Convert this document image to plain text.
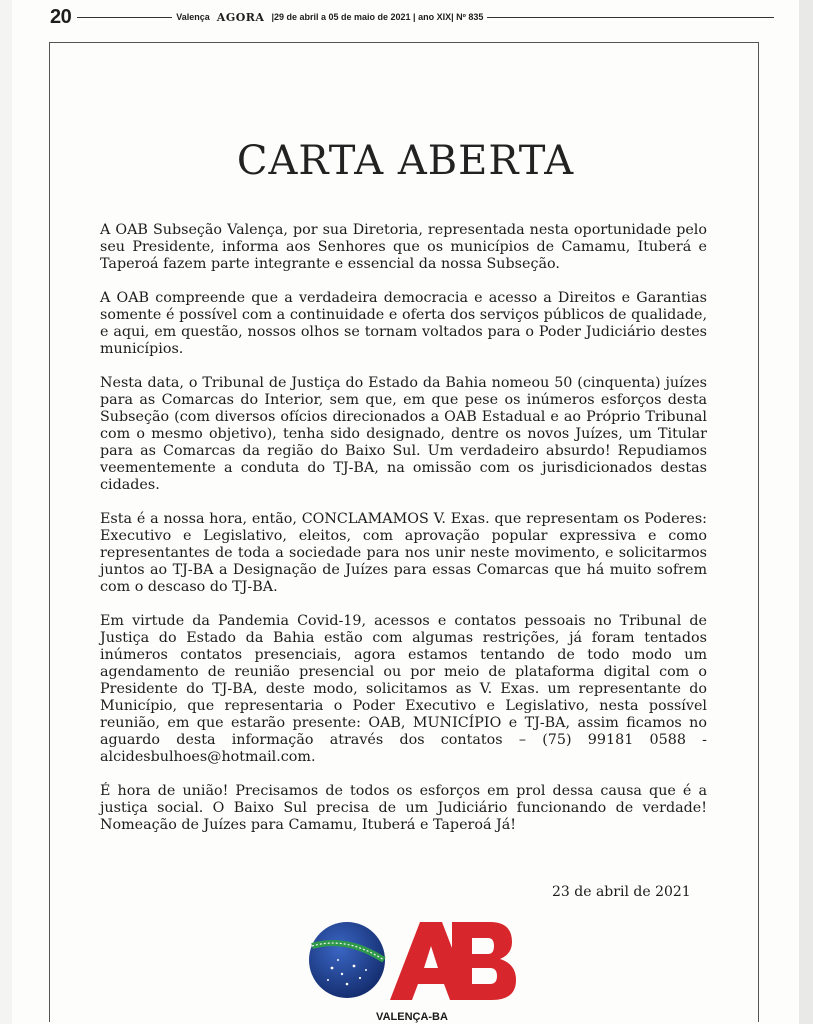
20	Valença AGORA |29 de abril a 05 de maio de 2021 | ano XIX| Nº 835
CARTA ABERTA

A OAB Subseção Valença, por sua Diretoria, representada nesta oportunidade pelo seu Presidente, informa aos Senhores que os municípios de Camamu, Ituberá e Taperoá fazem parte integrante e essencial da nossa Subseção.

A OAB compreende que a verdadeira democracia e acesso a Direitos e Garantias somente é possível com a continuidade e oferta dos serviços públicos de qualidade, e aqui, em questão, nossos olhos se tornam voltados para o Poder Judiciário destes municípios.

Nesta data, o Tribunal de Justiça do Estado da Bahia nomeou 50 (cinquenta) juízes para as Comarcas do Interior, sem que, em que pese os inúmeros esforços desta Subseção (com diversos ofícios direcionados a OAB Estadual e ao Próprio Tribunal com o mesmo objetivo), tenha sido designado, dentre os novos Juízes, um Titular para as Comarcas da região do Baixo Sul. Um verdadeiro absurdo! Repudiamos veementemente a conduta do TJ-BA, na omissão com os jurisdicionados destas cidades.

Esta é a nossa hora, então, CONCLAMAMOS V. Exas. que representam os Poderes: Executivo e Legislativo, eleitos, com aprovação popular expressiva e como representantes de toda a sociedade para nos unir neste movimento, e solicitarmos juntos ao TJ-BA a Designação de Juízes para essas Comarcas que há muito sofrem com o descaso do TJ-BA.

Em virtude da Pandemia Covid-19, acessos e contatos pessoais no Tribunal de Justiça do Estado da Bahia estão com algumas restrições, já foram tentados inúmeros contatos presenciais, agora estamos tentando de todo modo um agendamento de reunião presencial ou por meio de plataforma digital com o Presidente do TJ-BA, deste modo, solicitamos as V. Exas. um representante do Município, que representaria o Poder Executivo e Legislativo, nesta possível reunião, em que estarão presente: OAB, MUNICÍPIO e TJ-BA, assim ficamos no aguardo desta informação através dos contatos – (75) 99181 0588 - alcidesbulhoes@hotmail.com.

É hora de união! Precisamos de todos os esforços em prol dessa causa que é a justiça social. O Baixo Sul precisa de um Judiciário funcionando de verdade! Nomeação de Juízes para Camamu, Ituberá e Taperoá Já!

23 de abril de 2021
VALENÇA-BA
